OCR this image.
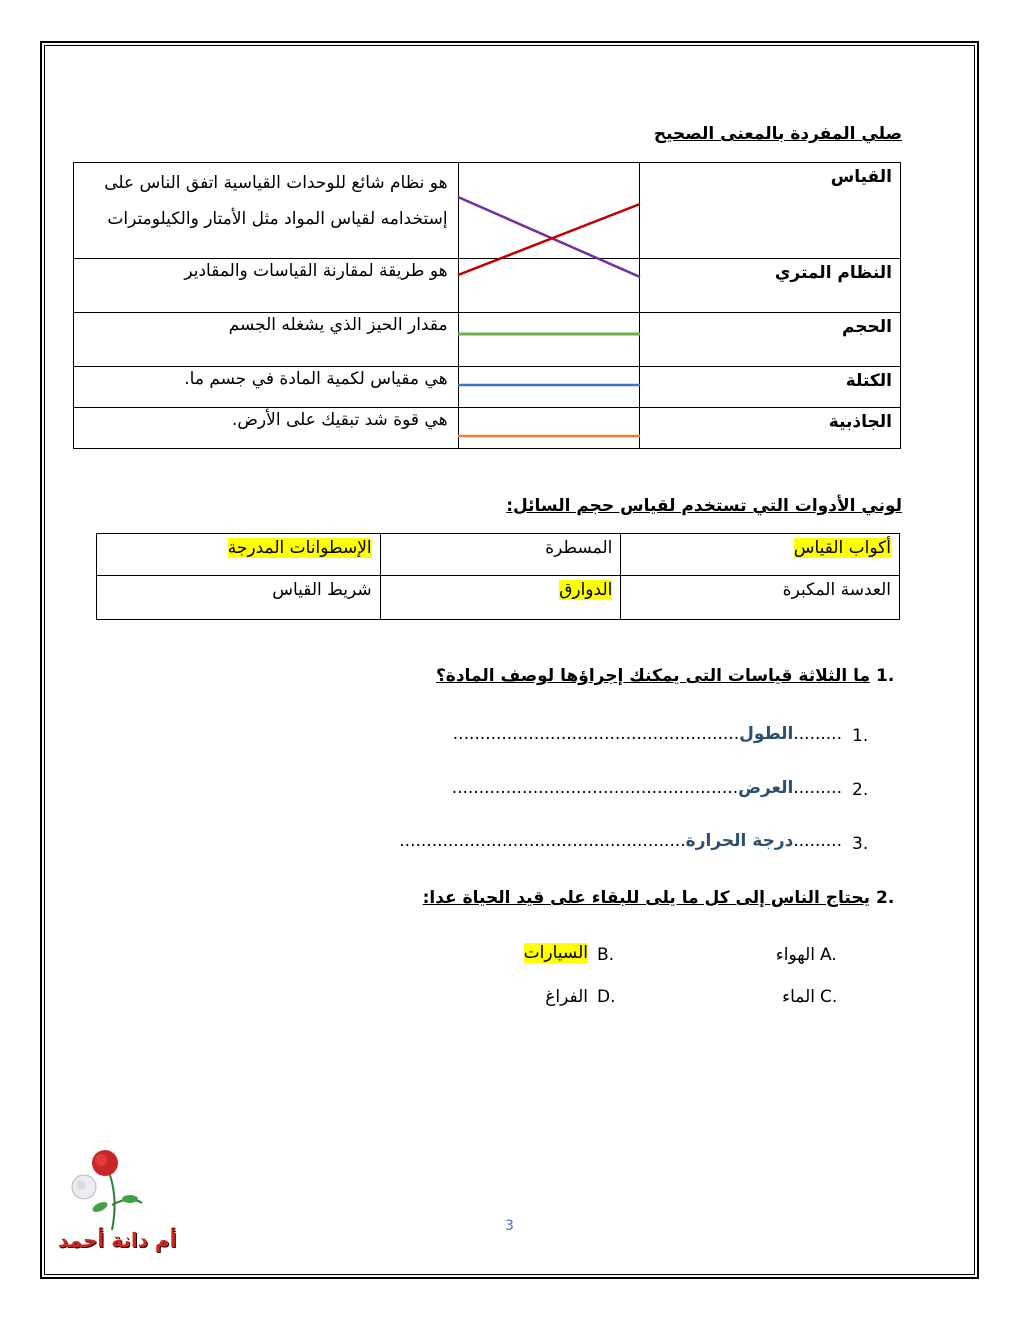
صلي المفردة بالمعنى الصحيح
هو نظام شائع للوحدات القياسية اتفق الناس على إستخدامه لقياس المواد مثل الأمتار والكيلومترات		القياس

هو طريقة لمقارنة القياسات والمقادير		النظام المتري

مقدار الحيز الذي يشغله الجسم		الحجم

هي مقياس لكمية المادة في جسم ما.		الكتلة

هي قوة شد تبقيك على الأرض.		الجاذبية
لوني الأدوات التي تستخدم لقياس حجم السائل:
الإسطوانات المدرجة	المسطرة	أكواب القياس
شريط القياس	الدوارق	العدسة المكبرة
1.
ما الثلاثة قياسات التى يمكنك إجراؤها لوصف المادة؟
1.
.........الطول.....................................................
2.
.........العرض.....................................................
3.
.........درجة الحرارة.....................................................
2.
يحتاج الناس إلى كل ما يلى للبقاء على قيد الحياة عدا:
A.
الهواء
B.
السيارات
C.
الماء
D.
الفراغ
أم دانة أحمد
3
